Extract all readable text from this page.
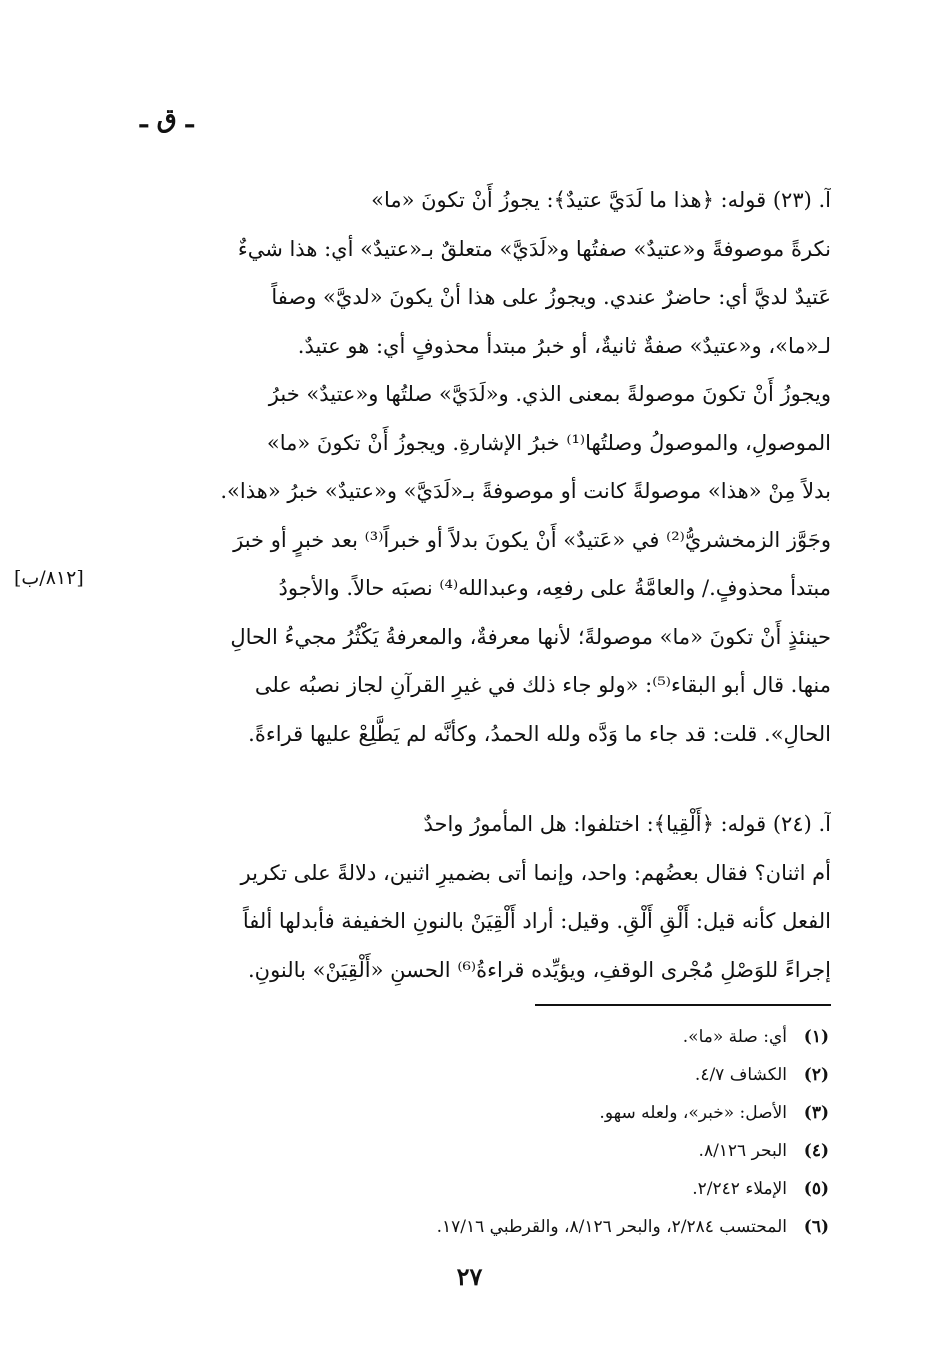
ـ ق ـ
آ. (٢٣) قوله: ﴿هذا ما لَدَيَّ عتيدٌ﴾: يجوزُ أَنْ تكونَ «ما»
نكرةً موصوفةً و«عتيدٌ» صفتُها و«لَدَيَّ» متعلقٌ بـ«عتيدٌ» أي: هذا شيءٌ
عَتيدٌ لديَّ أي: حاضرٌ عندي. ويجوزُ على هذا أنْ يكونَ «لديَّ» وصفاً
لـ«ما»، و«عتيدٌ» صفةٌ ثانيةٌ، أو خبرُ مبتدأ محذوفٍ أي: هو عتيدٌ.
ويجوزُ أَنْ تكونَ موصولةً بمعنى الذي. و«لَدَيَّ» صلتُها و«عتيدٌ» خبرُ
الموصولِ، والموصولُ وصلتُها⁽¹⁾ خبرُ الإشارةِ. ويجوزُ أَنْ تكونَ «ما»
بدلاً مِنْ «هذا» موصولةً كانت أو موصوفةً بـ«لَدَيَّ» و«عتيدٌ» خبرُ «هذا».
وجَوَّز الزمخشريُّ⁽²⁾ في «عَتيدٌ» أَنْ يكونَ بدلاً أو خبراً⁽³⁾ بعد خبرٍ أو خبرَ
مبتدأ محذوفٍ./ والعامَّةُ على رفعِه، وعبدالله⁽⁴⁾ نصبَه حالاً. والأجودُ
حينئذٍ أَنْ تكونَ «ما» موصولةً؛ لأنها معرفةٌ، والمعرفةُ يَكْثُرُ مجيءُ الحالِ
منها. قال أبو البقاء⁽⁵⁾: «ولو جاء ذلك في غيرِ القرآنِ لجاز نصبُه على
الحالِ». قلت: قد جاء ما وَدَّه ولله الحمدُ، وكأنَّه لم يَطَّلِعْ عليها قراءةً.
[٨١٢/ب]
آ. (٢٤) قوله: ﴿أَلْقِيا﴾: اختلفوا: هل المأمورُ واحدٌ
أم اثنان؟ فقال بعضُهم: واحد، وإنما أتى بضميرِ اثنين، دلالةً على تكرير
الفعل كأنه قيل: أَلْقِ أَلْقِ. وقيل: أراد أَلْقِيَنْ بالنونِ الخفيفة فأبدلها ألفاً
إجراءً للوَصْلِ مُجْرى الوقفِ، ويؤيِّده قراءةُ⁽⁶⁾ الحسنِ «أَلْقِيَنْ» بالنونِ.
(١)أي: صلة «ما».
(٢)الكشاف ٤/٧.
(٣)الأصل: «خبر»، ولعله سهو.
(٤)البحر ٨/١٢٦.
(٥)الإملاء ٢/٢٤٢.
(٦)المحتسب ٢/٢٨٤، والبحر ٨/١٢٦، والقرطبي ١٧/١٦.
٢٧
